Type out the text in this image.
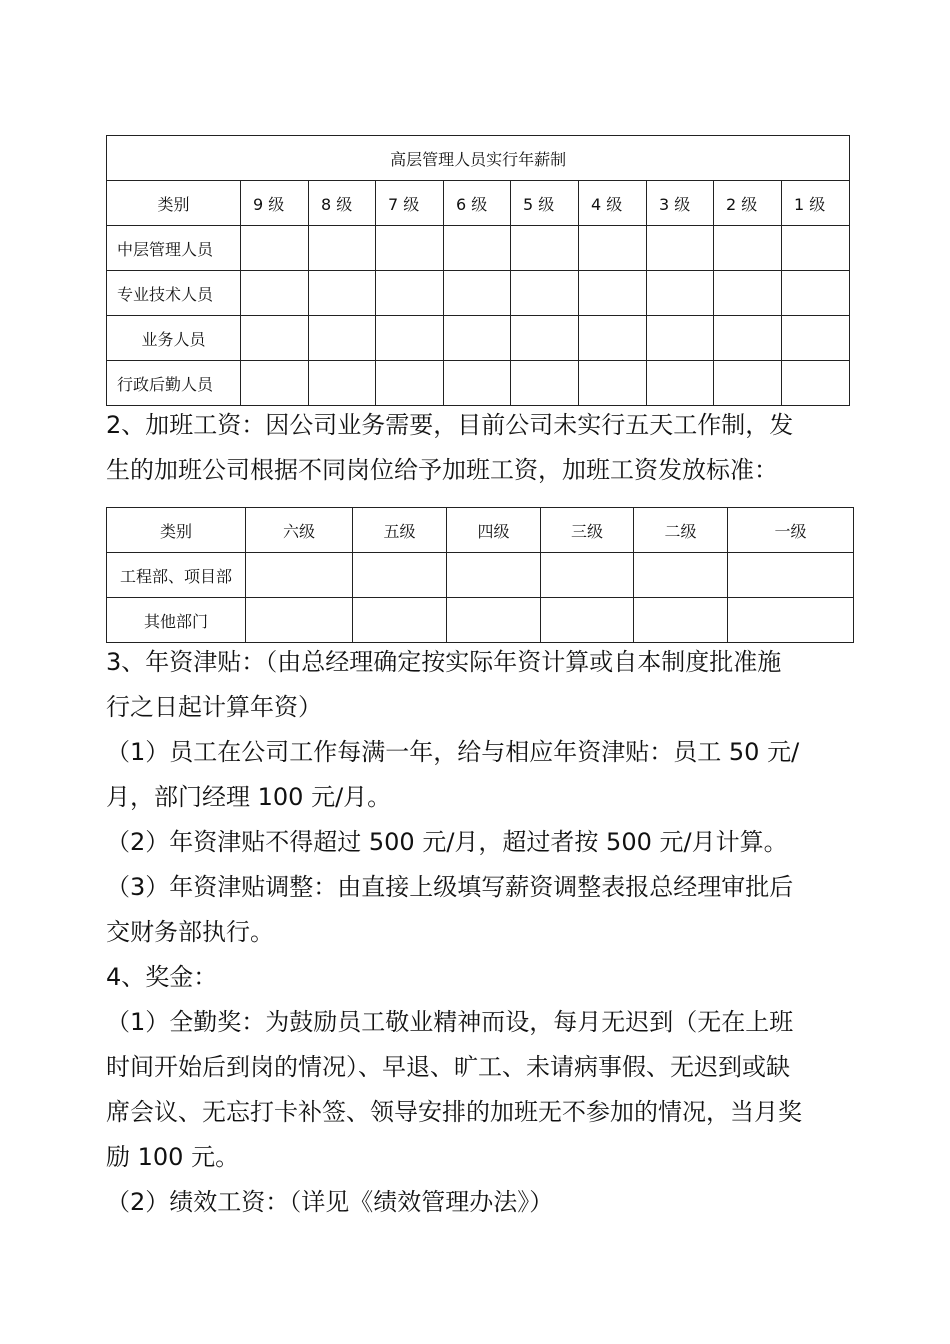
高层管理人员实行年薪制									
类别	9 级	8 级	7 级	6 级	5 级	4 级	3 级	2 级	1 级
中层管理人员									
专业技术人员									
业务人员									
行政后勤人员									

2、加班工资：因公司业务需要，目前公司未实行五天工作制，发

生的加班公司根据不同岗位给予加班工资，加班工资发放标准：

类别	六级	五级	四级	三级	二级	一级
工程部、项目部						
其他部门						

3、年资津贴：（由总经理确定按实际年资计算或自本制度批准施

行之日起计算年资）

（1）员工在公司工作每满一年，给与相应年资津贴：员工 50 元/

月，部门经理 100 元/月。

（2）年资津贴不得超过 500 元/月，超过者按 500 元/月计算。

（3）年资津贴调整：由直接上级填写薪资调整表报总经理审批后

交财务部执行。

4、奖金：

（1）全勤奖：为鼓励员工敬业精神而设，每月无迟到（无在上班

时间开始后到岗的情况）、早退、旷工、未请病事假、无迟到或缺

席会议、无忘打卡补签、领导安排的加班无不参加的情况，当月奖

励 100 元。

（2）绩效工资：（详见《绩效管理办法》）
